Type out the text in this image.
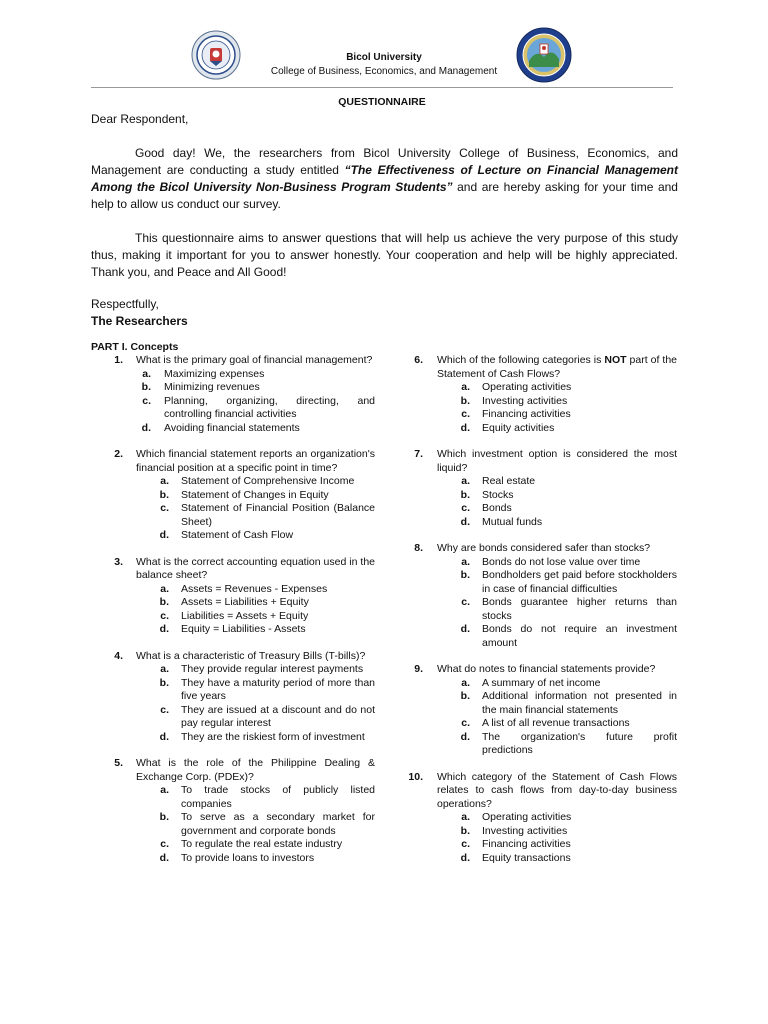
Bicol University
College of Business, Economics, and Management
QUESTIONNAIRE

Dear Respondent,

Good day! We, the researchers from Bicol University College of Business, Economics, and Management are conducting a study entitled “The Effectiveness of Lecture on Financial Management Among the Bicol University Non-Business Program Students” and are hereby asking for your time and help to allow us conduct our survey.

This questionnaire aims to answer questions that will help us achieve the very purpose of this study thus, making it important for you to answer honestly. Your cooperation and help will be highly appreciated. Thank you, and Peace and All Good!

Respectfully,

The Researchers

PART I. Concepts
1. What is the primary goal of financial management?
a. Maximizing expenses
b. Minimizing revenues
c. Planning, organizing, directing, and controlling financial activities
d. Avoiding financial statements
2. Which financial statement reports an organization's financial position at a specific point in time?
a. Statement of Comprehensive Income
b. Statement of Changes in Equity
c. Statement of Financial Position (Balance Sheet)
d. Statement of Cash Flow
3. What is the correct accounting equation used in the balance sheet?
a. Assets = Revenues - Expenses
b. Assets = Liabilities + Equity
c. Liabilities = Assets + Equity
d. Equity = Liabilities - Assets
4. What is a characteristic of Treasury Bills (T-bills)?
a. They provide regular interest payments
b. They have a maturity period of more than five years
c. They are issued at a discount and do not pay regular interest
d. They are the riskiest form of investment
5. What is the role of the Philippine Dealing & Exchange Corp. (PDEx)?
a. To trade stocks of publicly listed companies
b. To serve as a secondary market for government and corporate bonds
c. To regulate the real estate industry
d. To provide loans to investors
6. Which of the following categories is NOT part of the Statement of Cash Flows?
a. Operating activities
b. Investing activities
c. Financing activities
d. Equity activities
7. Which investment option is considered the most liquid?
a. Real estate
b. Stocks
c. Bonds
d. Mutual funds
8. Why are bonds considered safer than stocks?
a. Bonds do not lose value over time
b. Bondholders get paid before stockholders in case of financial difficulties
c. Bonds guarantee higher returns than stocks
d. Bonds do not require an investment amount
9. What do notes to financial statements provide?
a. A summary of net income
b. Additional information not presented in the main financial statements
c. A list of all revenue transactions
d. The organization's future profit predictions
10. Which category of the Statement of Cash Flows relates to cash flows from day-to-day business operations?
a. Operating activities
b. Investing activities
c. Financing activities
d. Equity transactions
